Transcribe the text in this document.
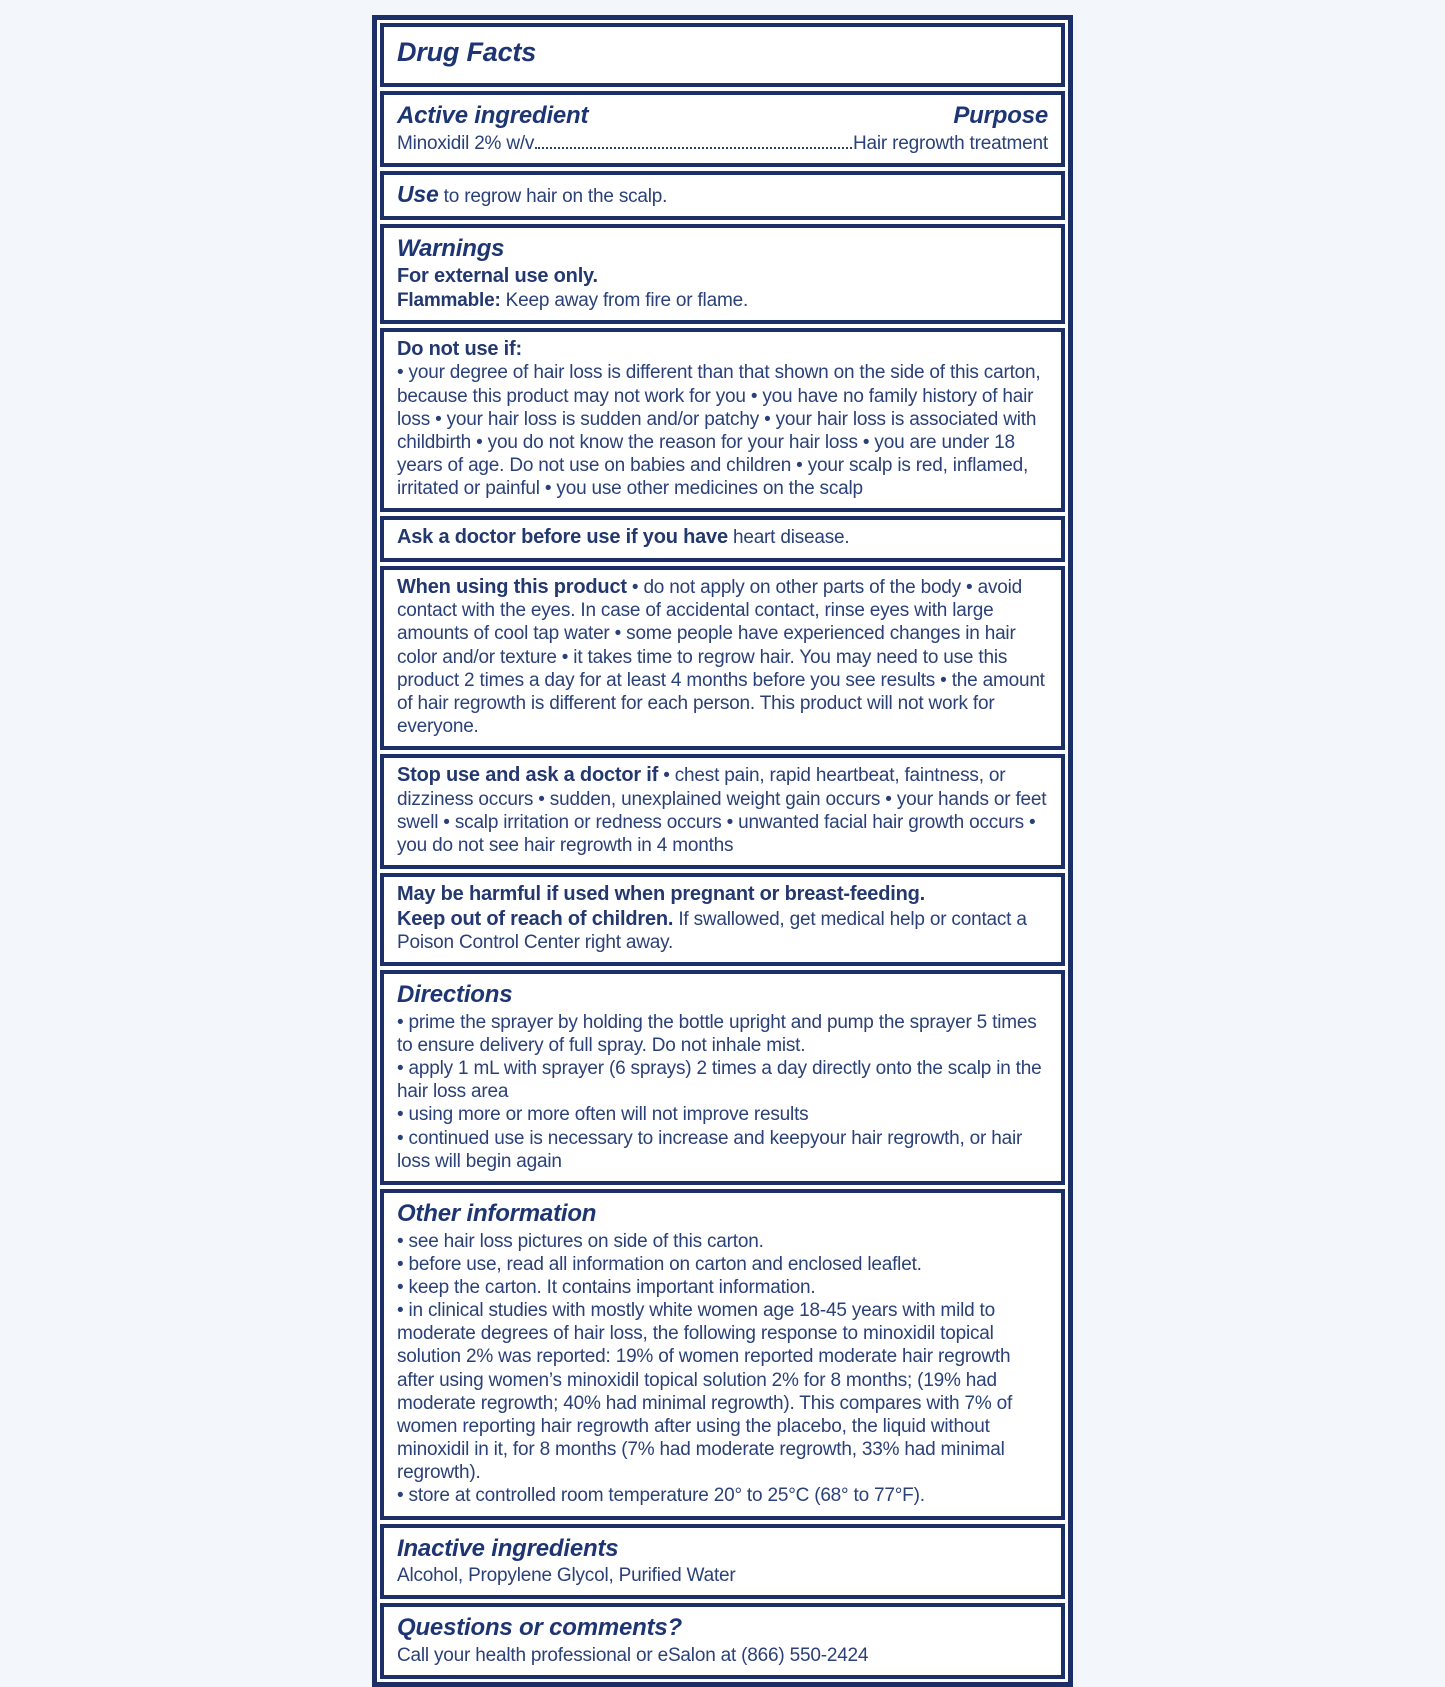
Drug Facts
Active ingredient	Purpose
Minoxidil 2% w/v	Hair regrowth treatment
Use to regrow hair on the scalp.
Warnings
For external use only.
Flammable: Keep away from fire or flame.
Do not use if:
• your degree of hair loss is different than that shown on the side of this carton, because this product may not work for you • you have no family history of hair loss • your hair loss is sudden and/or patchy • your hair loss is associated with childbirth • you do not know the reason for your hair loss • you are under 18 years of age. Do not use on babies and children • your scalp is red, inflamed, irritated or painful • you use other medicines on the scalp
Ask a doctor before use if you have heart disease.
When using this product • do not apply on other parts of the body • avoid contact with the eyes. In case of accidental contact, rinse eyes with large amounts of cool tap water • some people have experienced changes in hair color and/or texture • it takes time to regrow hair. You may need to use this product 2 times a day for at least 4 months before you see results • the amount of hair regrowth is different for each person. This product will not work for everyone.
Stop use and ask a doctor if • chest pain, rapid heartbeat, faintness, or dizziness occurs • sudden, unexplained weight gain occurs • your hands or feet swell • scalp irritation or redness occurs • unwanted facial hair growth occurs • you do not see hair regrowth in 4 months
May be harmful if used when pregnant or breast-feeding.
Keep out of reach of children. If swallowed, get medical help or contact a Poison Control Center right away.
Directions
• prime the sprayer by holding the bottle upright and pump the sprayer 5 times to ensure delivery of full spray. Do not inhale mist.
• apply 1 mL with sprayer (6 sprays) 2 times a day directly onto the scalp in the hair loss area
• using more or more often will not improve results
• continued use is necessary to increase and keepyour hair regrowth, or hair loss will begin again
Other information
• see hair loss pictures on side of this carton.
• before use, read all information on carton and enclosed leaflet.
• keep the carton. It contains important information.
• in clinical studies with mostly white women age 18-45 years with mild to moderate degrees of hair loss, the following response to minoxidil topical solution 2% was reported: 19% of women reported moderate hair regrowth after using women’s minoxidil topical solution 2% for 8 months; (19% had moderate regrowth; 40% had minimal regrowth). This compares with 7% of women reporting hair regrowth after using the placebo, the liquid without minoxidil in it, for 8 months (7% had moderate regrowth, 33% had minimal regrowth).
• store at controlled room temperature 20° to 25°C (68° to 77°F).
Inactive ingredients
Alcohol, Propylene Glycol, Purified Water
Questions or comments?
Call your health professional or eSalon at (866) 550-2424
